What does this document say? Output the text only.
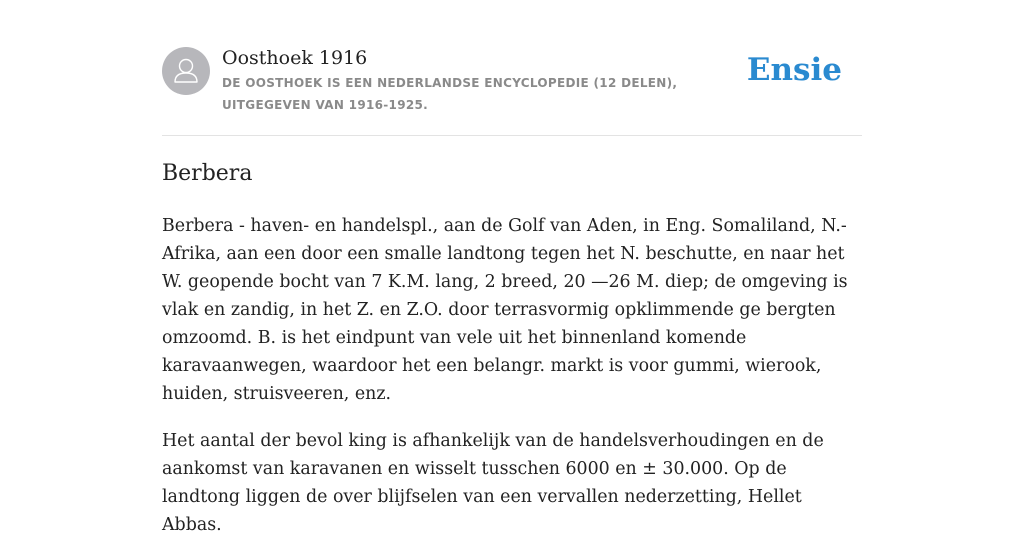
Oosthoek 1916
DE OOSTHOEK IS EEN NEDERLANDSE ENCYCLOPEDIE (12 DELEN), UITGEGEVEN VAN 1916-1925.
Ensie
Berbera

Berbera - haven- en handelspl., aan de Golf van Aden, in Eng. Somaliland, N.-Afrika, aan een door een smalle landtong tegen het N. beschutte, en naar het W. geopende bocht van 7 K.M. lang, 2 breed, 20 —26 M. diep; de omgeving is vlak en zandig, in het Z. en Z.O. door terrasvormig opklimmende ge bergten omzoomd. B. is het eindpunt van vele uit het binnenland komende karavaanwegen, waardoor het een belangr. markt is voor gummi, wierook, huiden, struisveeren, enz.

Het aantal der bevol king is afhankelijk van de handelsverhoudingen en de aankomst van karavanen en wisselt tusschen 6000 en ± 30.000. Op de landtong liggen de over blijfselen van een vervallen nederzetting, Hellet Abbas.
